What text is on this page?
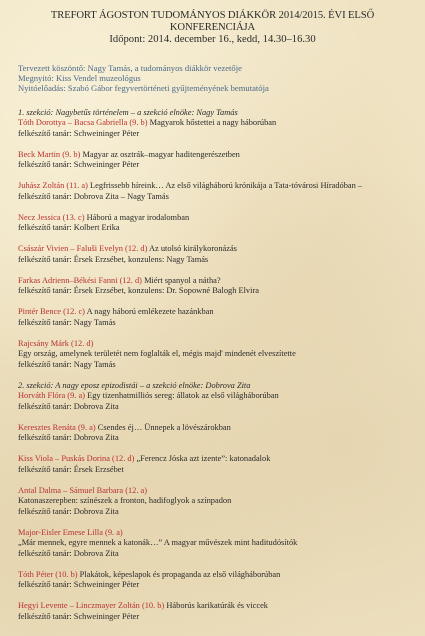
TREFORT ÁGOSTON TUDOMÁNYOS DIÁKKÖR 2014/2015. ÉVI ELSŐ KONFERENCIÁJA
Időpont: 2014. december 16., kedd, 14.30–16.30
Tervezett köszöntő: Nagy Tamás, a tudományos diákkör vezetője
Megnyitó: Kiss Vendel muzeológus
Nyitóelőadás: Szabó Gábor fegyvertörténeti gyűjteményének bemutatója
1. szekció: Nagybetűs történelem – a szekció elnöke: Nagy Tamás
Tóth Dorottya – Bacsa Gabriella (9. b) Magyarok hőstettei a nagy háborúban
felkészítő tanár: Schweininger Péter
Beck Martin (9. b) Magyar az osztrák–magyar haditengerészetben
felkészítő tanár: Schweininger Péter
Juhász Zoltán (11. a) Legfrissebb híreink… Az első világháború krónikája a Tata-tóvárosi Híradóban –
felkészítő tanár: Dobrova Zita – Nagy Tamás
Necz Jessica (13. c) Háború a magyar irodalomban
felkészítő tanár: Kolbert Erika
Császár Vivien – Faluši Evelyn (12. d) Az utolsó királykoronázás
felkészítő tanár: Érsek Erzsébet, konzulens: Nagy Tamás
Farkas Adrienn–Békési Fanni (12. d) Miért spanyol a nátha?
felkészítő tanár: Érsek Erzsébet, konzulens: Dr. Sopowné Balogh Elvira
Pintér Bence (12. c) A nagy háború emlékezete hazánkban
felkészítő tanár: Nagy Tamás
Rajcsány Márk (12. d)
Egy ország, amelynek területét nem foglalták el, mégis majd' mindenét elveszítette
felkészítő tanár: Nagy Tamás
2. szekció: A nagy eposz epizodistái – a szekció elnöke: Dobrova Zita
Horváth Flóra (9. a) Egy tizenhatmilliós sereg: állatok az első világháborúban
felkészítő tanár: Dobrova Zita
Keresztes Renáta (9. a) Csendes éj… Ünnepek a lövészárokban
felkészítő tanár: Dobrova Zita
Kiss Viola – Puskás Dorina (12. d) „Ferencz Jóska azt izente”: katonadalok
felkészítő tanár: Érsek Erzsébet
Antal Dalma – Sámuel Barbara (12. a)
Katonaszerepben: színészek a fronton, hadifoglyok a színpadon
felkészítő tanár: Dobrova Zita
Major-Eisler Emese Lilla (9. a)
„Már mennek, egyre mennek a katonák…” A magyar művészek mint haditudósítók
felkészítő tanár: Dobrova Zita
Tóth Péter (10. b) Plakátok, képeslapok és propaganda az első világháborúban
felkészítő tanár: Schweininger Péter
Hegyi Levente – Linczmayer Zoltán (10. b) Háborús karikatúrák és viccek
felkészítő tanár: Schweininger Péter
